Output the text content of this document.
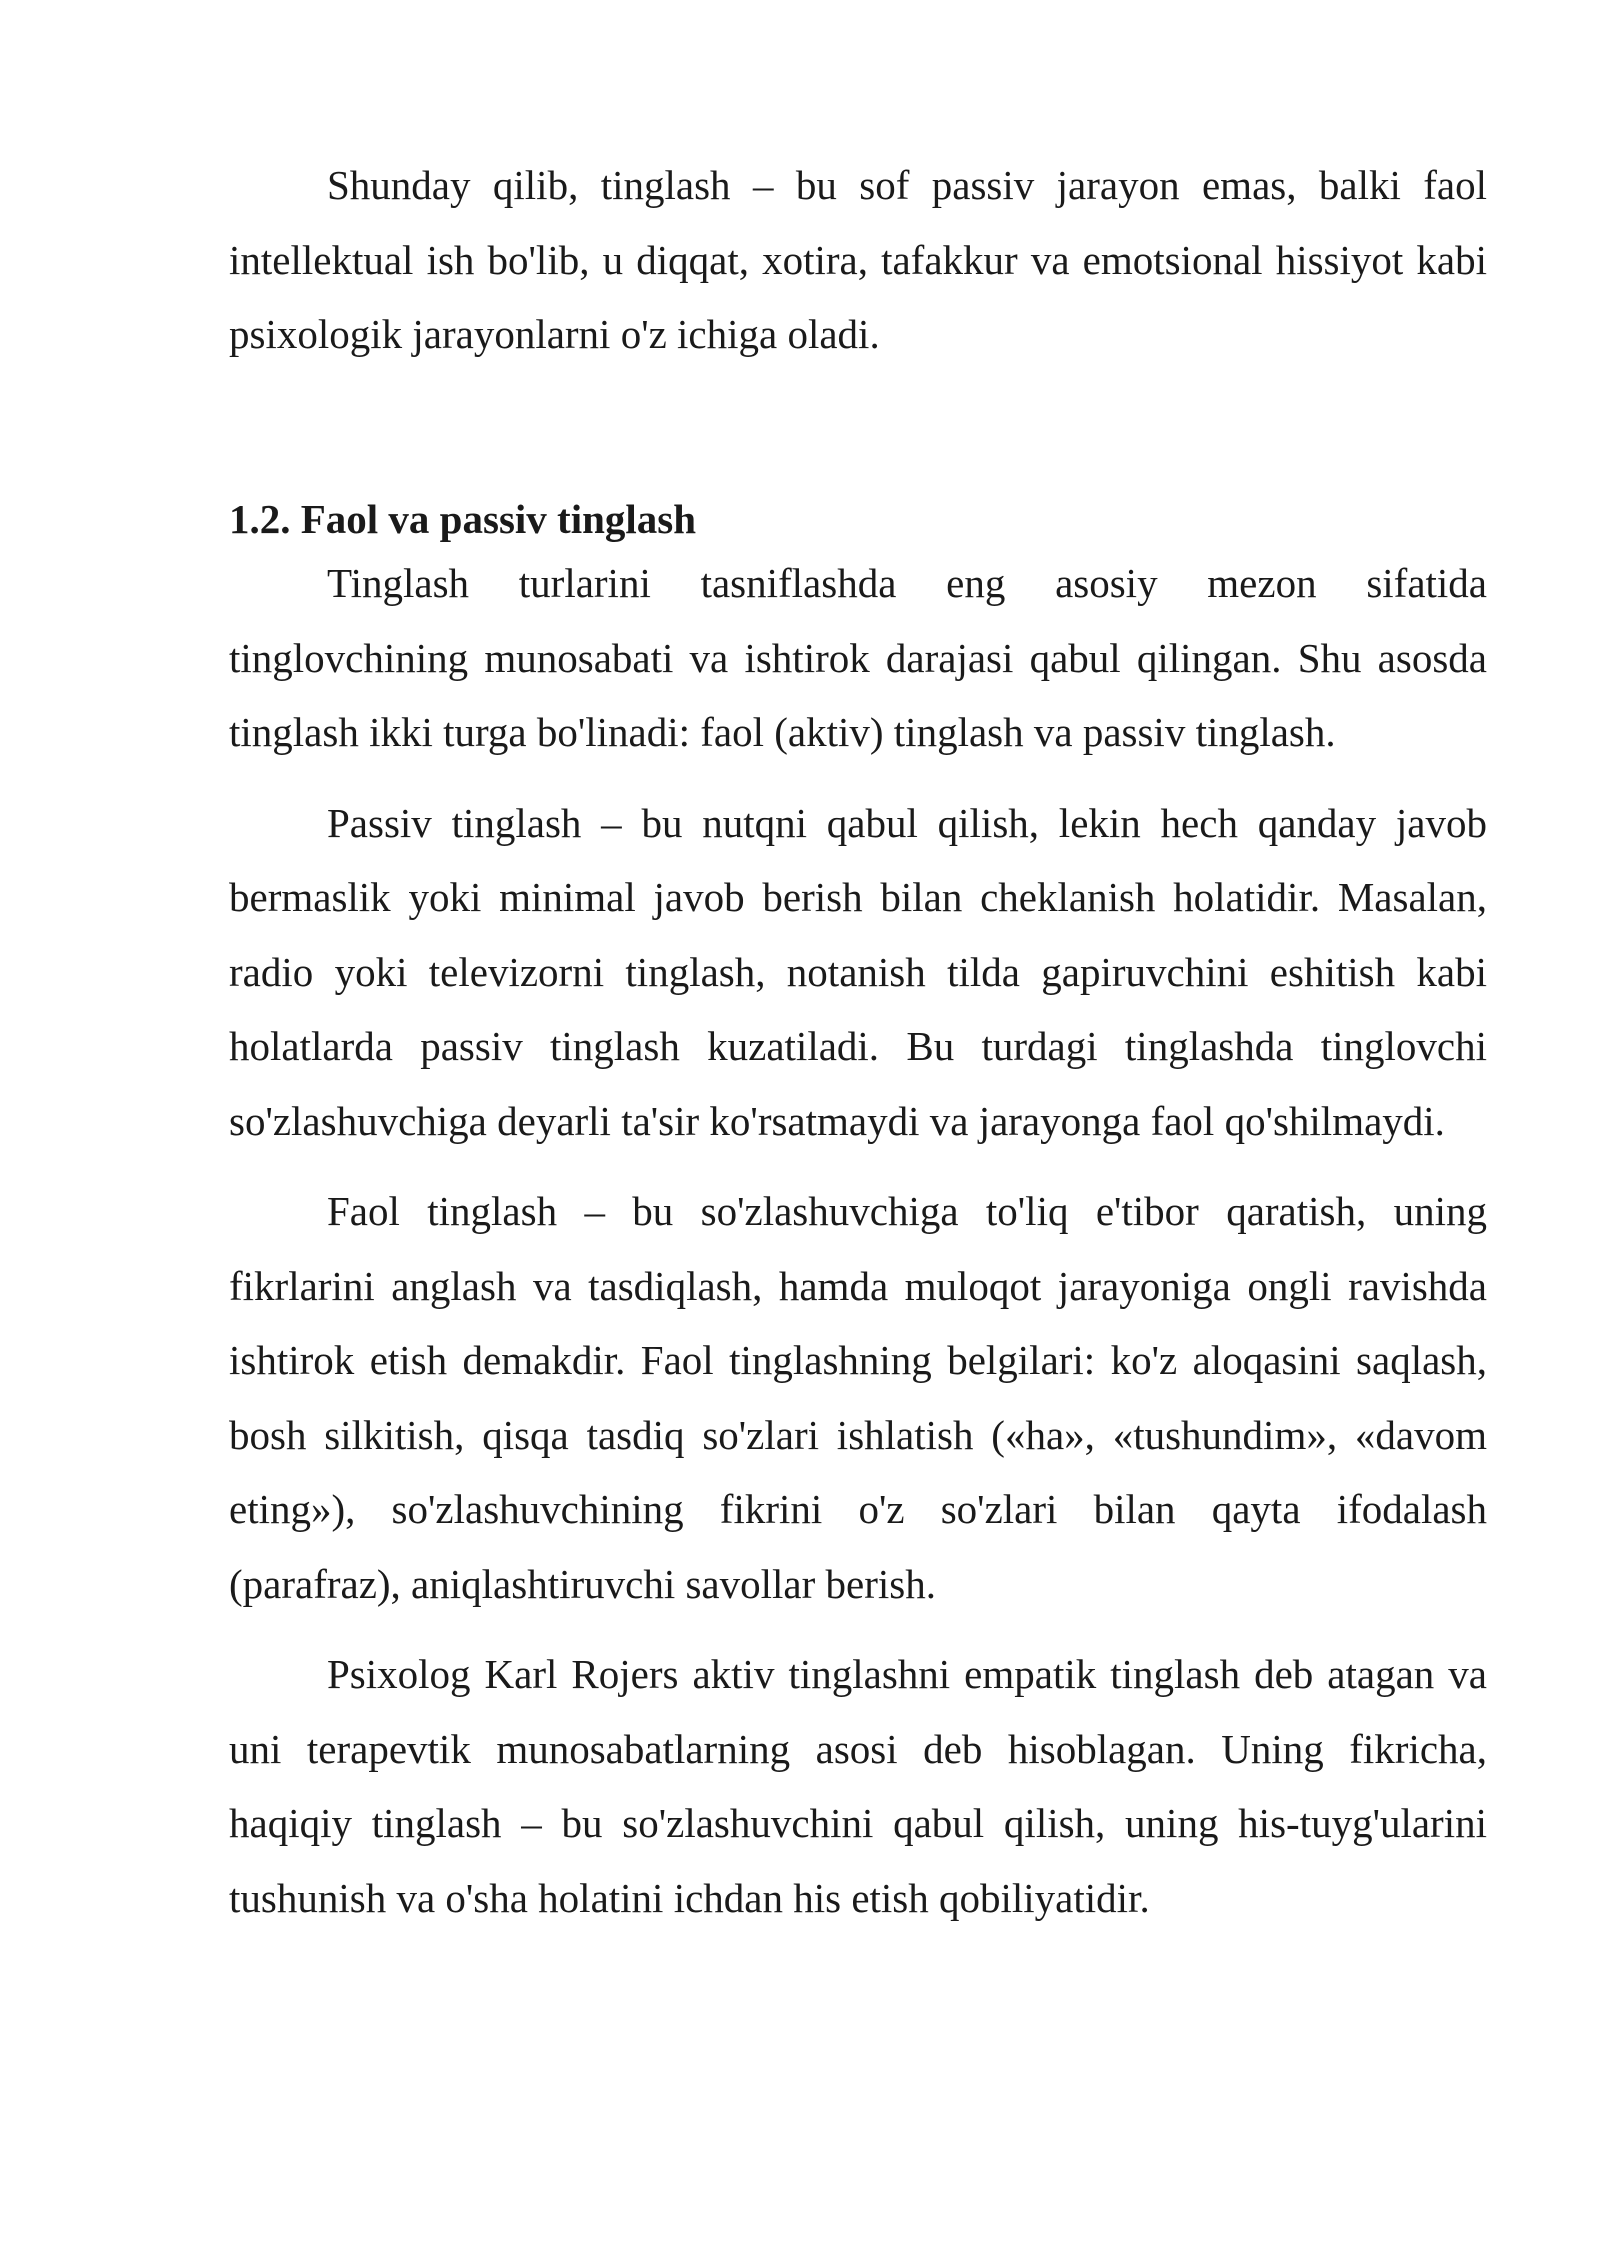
Shunday qilib, tinglash – bu sof passiv jarayon emas, balki faol intellektual ish bo'lib, u diqqat, xotira, tafakkur va emotsional hissiyot kabi psixologik jarayonlarni o'z ichiga oladi.

1.2. Faol va passiv tinglash

Tinglash turlarini tasniflashda eng asosiy mezon sifatida tinglovchining munosabati va ishtirok darajasi qabul qilingan. Shu asosda tinglash ikki turga bo'linadi: faol (aktiv) tinglash va passiv tinglash.

Passiv tinglash – bu nutqni qabul qilish, lekin hech qanday javob bermaslik yoki minimal javob berish bilan cheklanish holatidir. Masalan, radio yoki televizorni tinglash, notanish tilda gapiruvchini eshitish kabi holatlarda passiv tinglash kuzatiladi. Bu turdagi tinglashda tinglovchi so'zlashuvchiga deyarli ta'sir ko'rsatmaydi va jarayonga faol qo'shilmaydi.

Faol tinglash – bu so'zlashuvchiga to'liq e'tibor qaratish, uning fikrlarini anglash va tasdiqlash, hamda muloqot jarayoniga ongli ravishda ishtirok etish demakdir. Faol tinglashning belgilari: ko'z aloqasini saqlash, bosh silkitish, qisqa tasdiq so'zlari ishlatish («ha», «tushundim», «davom eting»), so'zlashuvchining fikrini o'z so'zlari bilan qayta ifodalash (parafraz), aniqlashtiruvchi savollar berish.

Psixolog Karl Rojers aktiv tinglashni empatik tinglash deb atagan va uni terapevtik munosabatlarning asosi deb hisoblagan. Uning fikricha, haqiqiy tinglash – bu so'zlashuvchini qabul qilish, uning his-tuyg'ularini tushunish va o'sha holatini ichdan his etish qobiliyatidir.
